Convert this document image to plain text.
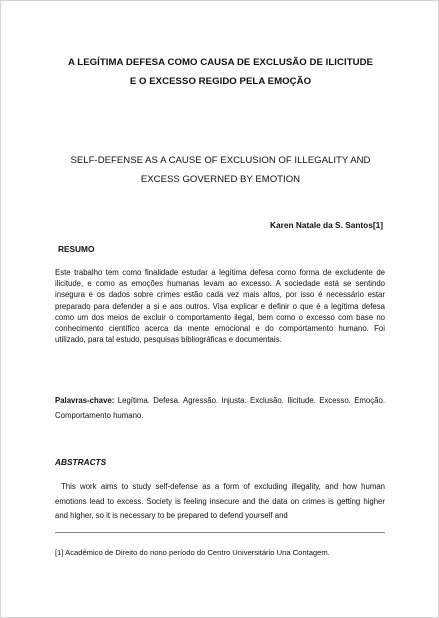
A LEGÍTIMA DEFESA COMO CAUSA DE EXCLUSÃO DE ILICITUDE
E O EXCESSO REGIDO PELA EMOÇÃO
SELF-DEFENSE AS A CAUSE OF EXCLUSION OF ILLEGALITY AND
EXCESS GOVERNED BY EMOTION
Karen Natale da S. Santos[1]
RESUMO

Este trabalho tem como finalidade estudar a legítima defesa como forma de excludente de ilicitude, e como as emoções humanas levam ao excesso. A sociedade está se sentindo insegura e os dados sobre crimes estão cada vez mais altos, por isso é necessário estar preparado para defender a si e aos outros. Visa explicar e definir o que é a legítima defesa como um dos meios de excluir o comportamento ilegal, bem como o excesso com base no conhecimento científico acerca da mente emocional e do comportamento humano. Foi utilizado, para tal estudo, pesquisas bibliográficas e documentais.

Palavras-chave: Legítima. Defesa. Agressão. Injusta. Exclusão. Ilicitude. Excesso. Emoção. Comportamento humano.

ABSTRACTS

This work aims to study self-defense as a form of excluding illegality, and how human emotions lead to excess. Society is feeling insecure and the data on crimes is getting higher and higher, so it is necessary to be prepared to defend yourself and

[1] Acadêmico de Direito do nono período do Centro Universitário Una Contagem.
